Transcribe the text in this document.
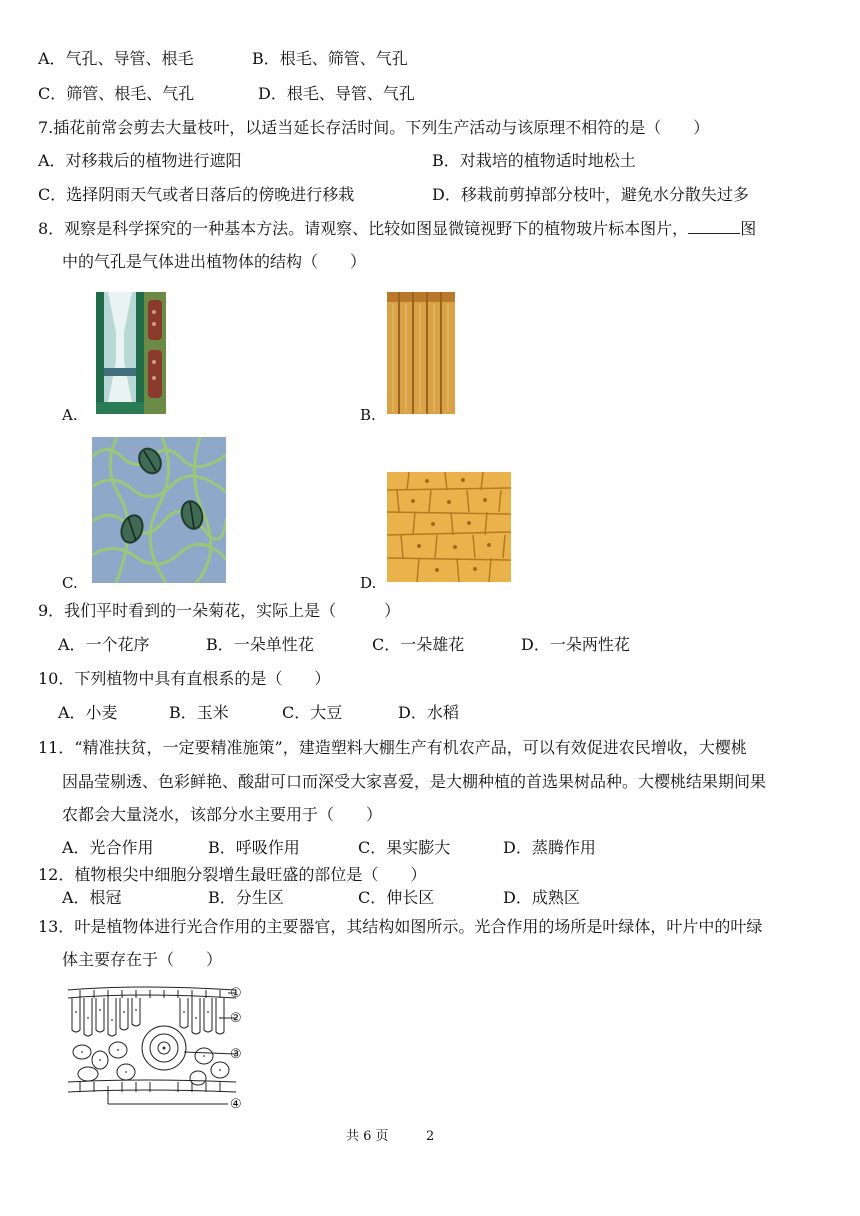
A．气孔、导管、根毛	B．根毛、筛管、气孔
C．筛管、根毛、气孔	D．根毛、导管、气孔
7.插花前常会剪去大量枝叶，以适当延长存活时间。下列生产活动与该原理不相符的是（　　）
A．对移栽后的植物进行遮阳	B．对栽培的植物适时地松土
C．选择阴雨天气或者日落后的傍晚进行移栽	D．移栽前剪掉部分枝叶，避免水分散失过多
8．观察是科学探究的一种基本方法。请观察、比较如图显微镜视野下的植物玻片标本图片，	图
中的气孔是气体进出植物体的结构（　　）
A.	B.
C.	D.
9．我们平时看到的一朵菊花，实际上是（　　　）
A．一个花序	B．一朵单性花	C．一朵雄花	D．一朵两性花
10．下列植物中具有直根系的是（　　）
A．小麦	B．玉米	C．大豆	D．水稻
11．“精准扶贫，一定要精准施策”，建造塑料大棚生产有机农产品，可以有效促进农民增收，大樱桃
因晶莹剔透、色彩鲜艳、酸甜可口而深受大家喜爱，是大棚种植的首选果树品种。大樱桃结果期间果
农都会大量浇水，该部分水主要用于（　　）
A．光合作用	B．呼吸作用	C．果实膨大	D．蒸腾作用
12．植物根尖中细胞分裂增生最旺盛的部位是（　　）
A．根冠	B．分生区	C．伸长区	D．成熟区
13．叶是植物体进行光合作用的主要器官，其结构如图所示。光合作用的场所是叶绿体，叶片中的叶绿
体主要存在于（　　）
①
②
③
④
共 6 页	2
